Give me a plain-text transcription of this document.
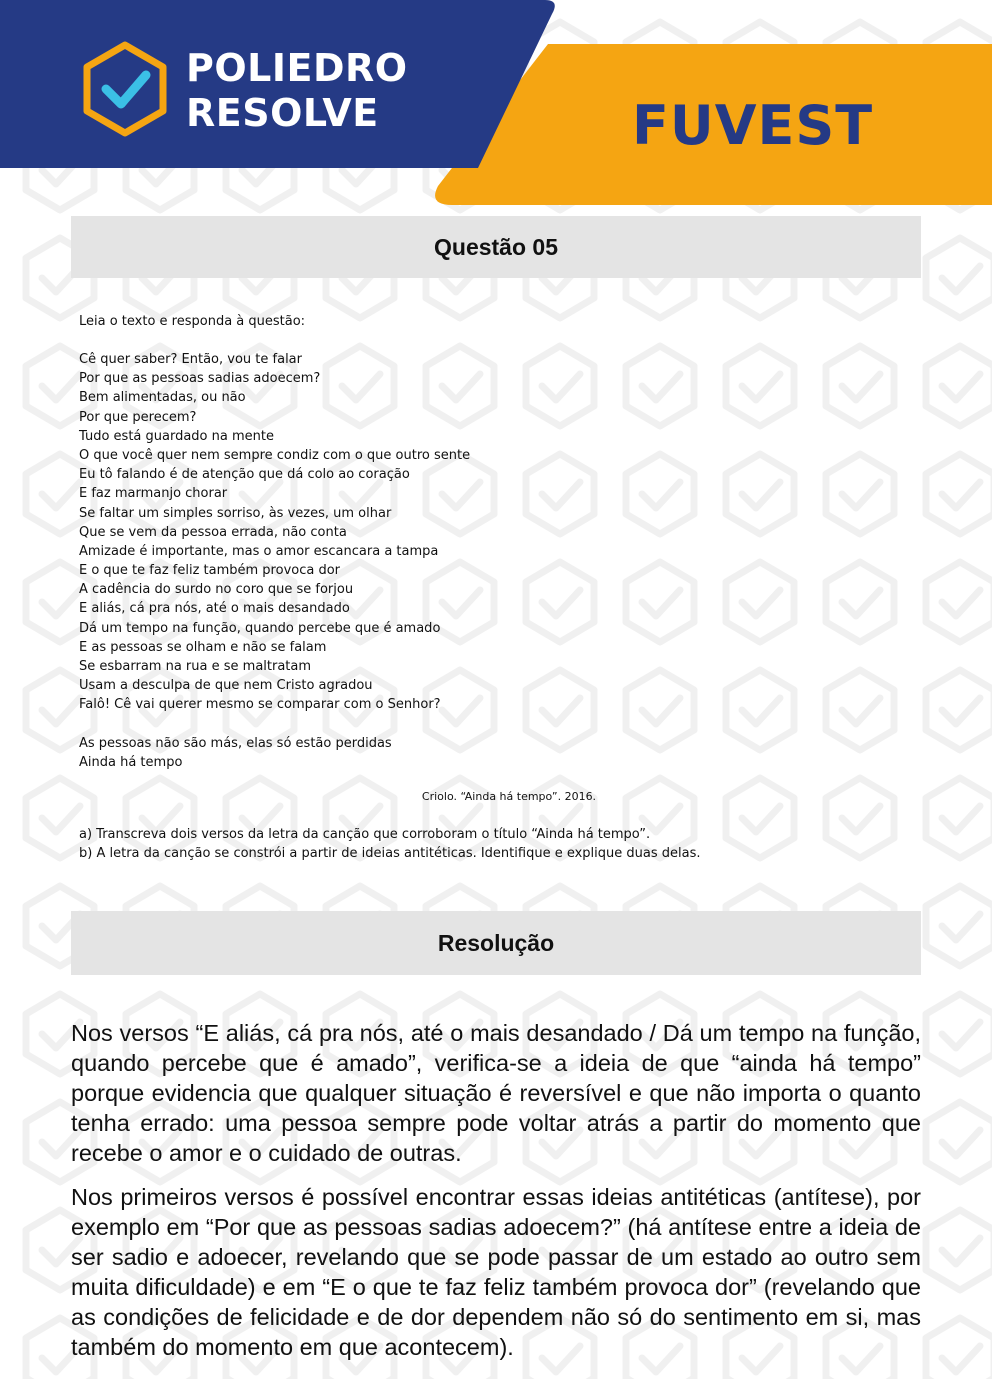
POLIEDRO
RESOLVE	FUVEST
Questão 05
Leia o texto e responda à questão:
Cê quer saber? Então, vou te falar
Por que as pessoas sadias adoecem?
Bem alimentadas, ou não
Por que perecem?
Tudo está guardado na mente
O que você quer nem sempre condiz com o que outro sente
Eu tô falando é de atenção que dá colo ao coração
E faz marmanjo chorar
Se faltar um simples sorriso, às vezes, um olhar
Que se vem da pessoa errada, não conta
Amizade é importante, mas o amor escancara a tampa
E o que te faz feliz também provoca dor
A cadência do surdo no coro que se forjou
E aliás, cá pra nós, até o mais desandado
Dá um tempo na função, quando percebe que é amado
E as pessoas se olham e não se falam
Se esbarram na rua e se maltratam
Usam a desculpa de que nem Cristo agradou
Falô! Cê vai querer mesmo se comparar com o Senhor?
As pessoas não são más, elas só estão perdidas
Ainda há tempo
Criolo. “Ainda há tempo”. 2016.
a) Transcreva dois versos da letra da canção que corroboram o título “Ainda há tempo”.
b) A letra da canção se constrói a partir de ideias antitéticas. Identifique e explique duas delas.
Resolução

Nos versos “E aliás, cá pra nós, até o mais desandado / Dá um tempo na função, quando percebe que é amado”, verifica-se a ideia de que “ainda há tempo” porque evidencia que qualquer situação é reversível e que não importa o quanto tenha errado: uma pessoa sempre pode voltar atrás a partir do momento que recebe o amor e o cuidado de outras.

Nos primeiros versos é possível encontrar essas ideias antitéticas (antítese), por exemplo em “Por que as pessoas sadias adoecem?” (há antítese entre a ideia de ser sadio e adoecer, revelando que se pode passar de um estado ao outro sem muita dificuldade) e em “E o que te faz feliz também provoca dor” (revelando que as condições de felicidade e de dor dependem não só do sentimento em si, mas também do momento em que acontecem).
